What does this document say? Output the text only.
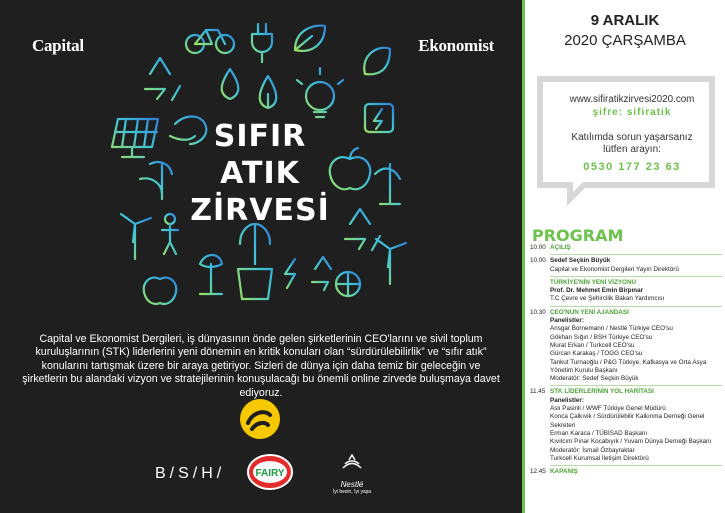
Capital	Ekonomist
SIFIR
ATIK
ZİRVESİ
Capital ve Ekonomist Dergileri, iş dünyasının önde gelen şirketlerinin CEO'larını ve sivil toplum kuruluşlarının (STK) liderlerini yeni dönemin en kritik konuları olan “sürdürülebilirlik” ve “sıfır atık” konularını tartışmak üzere bir araya getiriyor. Sizleri de dünya için daha temiz bir geleceğin ve şirketlerin bu alandaki vizyon ve stratejilerinin konuşulacağı bu önemli online zirvede buluşmaya davet ediyoruz.
B/S/H/	FAIRY
Nestlé
İyi besin, İyi yaşa
9 ARALIK
2020 ÇARŞAMBA
www.sifiratikzirvesi2020.com
şifre: sifiratik
Katılımda sorun yaşarsanız
lütfen arayın:
0530 177 23 63
PROGRAM
10.00 AÇILIŞ
10.00 Sedef Seçkin Büyük
Capital ve Ekonomist Dergileri Yayın Direktörü
TÜRKİYE'NİN YENİ VİZYONU
Prof. Dr. Mehmet Emin Birpınar
T.C Çevre ve Şehircilik Bakan Yardımcısı
10.30 CEO'NUN YENİ AJANDASI
Panelistler:
Ansgar Bornemann / Nestlé Türkiye CEO'su
Gökhan Sığın / BSH Türkiye CEO'su
Murat Erkan / Turkcell CEO'su
Gürcan Karakaş / TOGG CEO'su
Tankut Turnaoğlu / P&G Türkiye, Kafkasya ve Orta Asya
Yönetim Kurulu Başkanı
Moderatör: Sedef Seçkin Büyük
11.45 STK LİDERLERİNİN YOL HARİTASI
Panelistler:
Aslı Pasinli / WWF Türkiye Genel Müdürü
Konca Çalkıvik / Sürdürülebilir Kalkınma Derneği Genel Sekreteri
Erman Karaca / TÜBİSAD Başkanı
Kıvılcım Pınar Kocabıyık / Yuvam Dünya Derneği Başkanı
Moderatör: İsmail Özbayraktar
Turkcell Kurumsal İletişim Direktörü
12.45 KAPANIŞ
